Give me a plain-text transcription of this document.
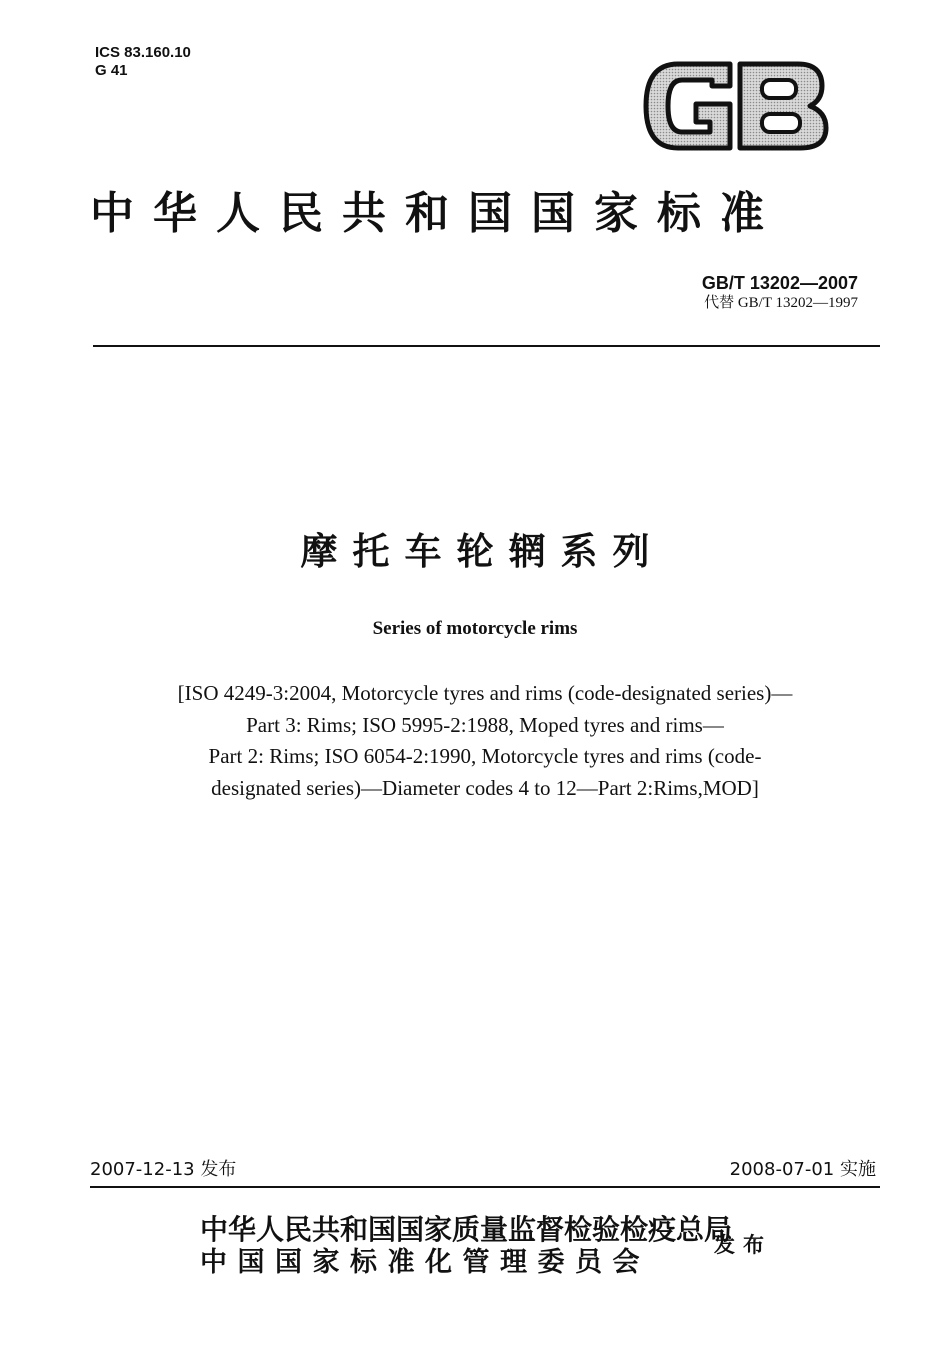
ICS 83.160.10
G 41
中华人民共和国国家标准
GB/T 13202—2007
代替 GB/T 13202—1997
摩托车轮辋系列
Series of motorcycle rims
[ISO 4249-3:2004, Motorcycle tyres and rims (code-designated series)—
Part 3: Rims; ISO 5995-2:1988, Moped tyres and rims—
Part 2: Rims; ISO 6054-2:1990, Motorcycle tyres and rims (code-
designated series)—Diameter codes 4 to 12—Part 2:Rims,MOD]
2007-12-13 发布	2008-07-01 实施
中华人民共和国国家质量监督检验检疫总局
中国国家标准化管理委员会
发布
